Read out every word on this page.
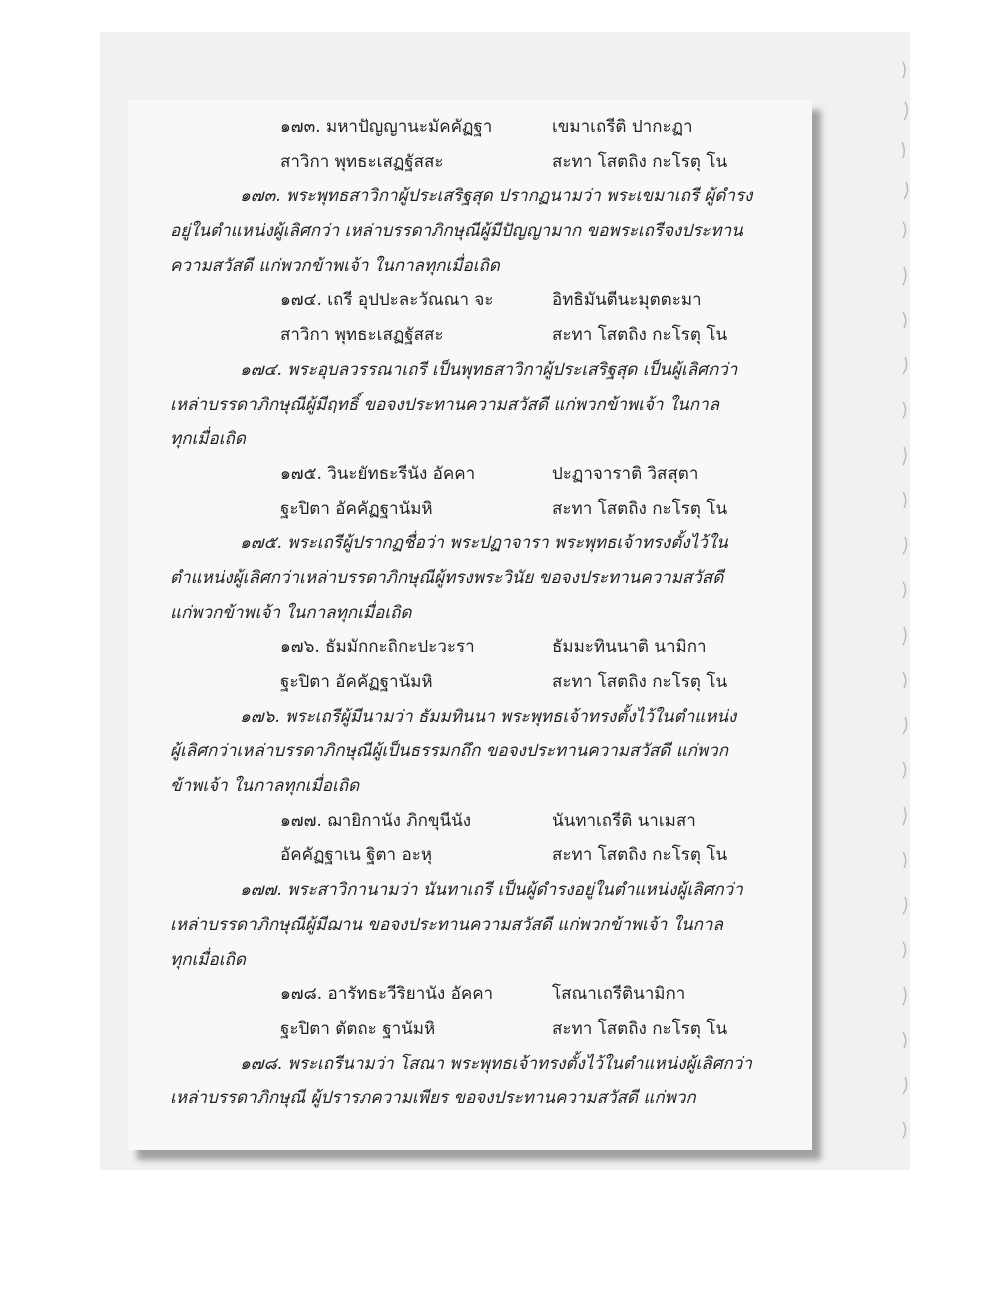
๑๗๓. มหาปัญญานะมัคคัฏฐา	เขมาเถรีติ ปากะฏา
สาวิกา พุทธะเสฏฐัสสะ	สะทา โสตถิง กะโรตุ โน
๑๗๓. พระพุทธสาวิกาผู้ประเสริฐสุด ปรากฏนามว่า พระเขมาเถรี ผู้ดำรง
อยู่ในตำแหน่งผู้เลิศกว่า เหล่าบรรดาภิกษุณีผู้มีปัญญามาก ขอพระเถรีจงประทาน
ความสวัสดี แก่พวกข้าพเจ้า ในกาลทุกเมื่อเถิด
๑๗๔. เถรี อุปปะละวัณณา จะ	อิทธิมันตีนะมุตตะมา
สาวิกา พุทธะเสฏฐัสสะ	สะทา โสตถิง กะโรตุ โน
๑๗๔. พระอุบลวรรณาเถรี เป็นพุทธสาวิกาผู้ประเสริฐสุด เป็นผู้เลิศกว่า
เหล่าบรรดาภิกษุณีผู้มีฤทธิ์ ขอจงประทานความสวัสดี แก่พวกข้าพเจ้า ในกาล
ทุกเมื่อเถิด
๑๗๕. วินะยัทธะรีนัง อัคคา	ปะฏาจาราติ วิสสุตา
ฐะปิตา อัคคัฏฐานัมหิ	สะทา โสตถิง กะโรตุ โน
๑๗๕. พระเถรีผู้ปรากฏชื่อว่า พระปฏาจารา พระพุทธเจ้าทรงตั้งไว้ใน
ตำแหน่งผู้เลิศกว่าเหล่าบรรดาภิกษุณีผู้ทรงพระวินัย ขอจงประทานความสวัสดี
แก่พวกข้าพเจ้า ในกาลทุกเมื่อเถิด
๑๗๖. ธัมมักกะถิกะปะวะรา	ธัมมะทินนาติ นามิกา
ฐะปิตา อัคคัฏฐานัมหิ	สะทา โสตถิง กะโรตุ โน
๑๗๖. พระเถรีผู้มีนามว่า ธัมมทินนา พระพุทธเจ้าทรงตั้งไว้ในตำแหน่ง
ผู้เลิศกว่าเหล่าบรรดาภิกษุณีผู้เป็นธรรมกถึก ขอจงประทานความสวัสดี แก่พวก
ข้าพเจ้า ในกาลทุกเมื่อเถิด
๑๗๗. ฌายิกานัง ภิกขุนีนัง	นันทาเถรีติ นาเมสา
อัคคัฏฐาเน ฐิตา อะหุ	สะทา โสตถิง กะโรตุ โน
๑๗๗. พระสาวิกานามว่า นันทาเถรี เป็นผู้ดำรงอยู่ในตำแหน่งผู้เลิศกว่า
เหล่าบรรดาภิกษุณีผู้มีฌาน ขอจงประทานความสวัสดี แก่พวกข้าพเจ้า ในกาล
ทุกเมื่อเถิด
๑๗๘. อารัทธะวีริยานัง อัคคา	โสณาเถรีตินามิกา
ฐะปิตา ตัตถะ ฐานัมหิ	สะทา โสตถิง กะโรตุ โน
๑๗๘. พระเถรีนามว่า โสณา พระพุทธเจ้าทรงตั้งไว้ในตำแหน่งผู้เลิศกว่า
เหล่าบรรดาภิกษุณี ผู้ปรารภความเพียร ขอจงประทานความสวัสดี แก่พวก
